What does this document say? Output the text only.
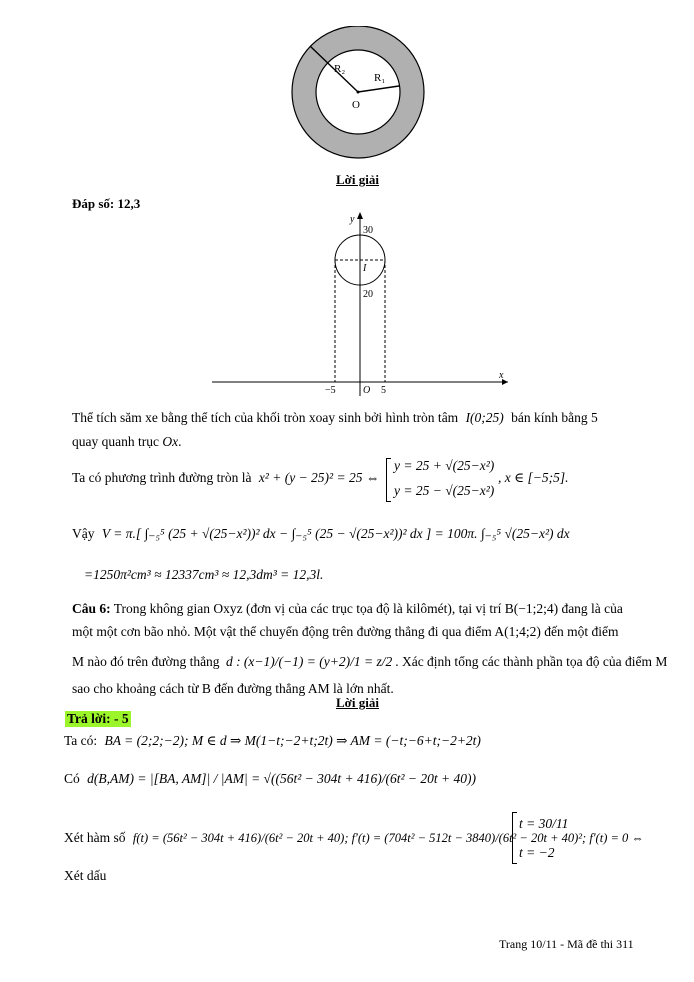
R₂
R₁
O
Lời giải
Đáp số: 12,3
y
x
30
20
I
−5	O 5
Thể tích săm xe bằng thể tích của khối tròn xoay sinh bởi hình tròn tâm I(0;25) bán kính bằng 5
quay quanh trục Ox.
Ta có phương trình đường tròn là x² + (y − 25)² = 25 ⇔
y = 25 + √(25−x²)
y = 25 − √(25−x²)
, x ∈ [−5;5].
Vậy V = π.[ ∫₋₅⁵ (25 + √(25−x²))² dx − ∫₋₅⁵ (25 − √(25−x²))² dx ] = 100π. ∫₋₅⁵ √(25−x²) dx
=1250π²cm³ ≈ 12337cm³ ≈ 12,3dm³ = 12,3l.
Câu 6: Trong không gian Oxyz (đơn vị của các trục tọa độ là kilômét), tại vị trí B(−1;2;4) đang là của
một một cơn bão nhỏ. Một vật thể chuyển động trên đường thẳng đi qua điểm A(1;4;2) đến một điểm
M nào đó trên đường thẳng d : (x−1)/(−1) = (y+2)/1 = z/2 . Xác định tổng các thành phần tọa độ của điểm M
sao cho khoảng cách từ B đến đường thẳng AM là lớn nhất.
Lời giải
Trả lời: - 5
Ta có: BA = (2;2;−2); M ∈ d ⇒ M(1−t;−2+t;2t) ⇒ AM = (−t;−6+t;−2+2t)
Có d(B,AM) = |[BA, AM]| / |AM| = √((56t² − 304t + 416)/(6t² − 20t + 40))
Xét hàm số f(t) = (56t² − 304t + 416)/(6t² − 20t + 40); f′(t) = (704t² − 512t − 3840)/(6t² − 20t + 40)²; f′(t) = 0 ⇔
t = 30/11
t = −2
Xét dấu
Trang 10/11 - Mã đề thi 311
